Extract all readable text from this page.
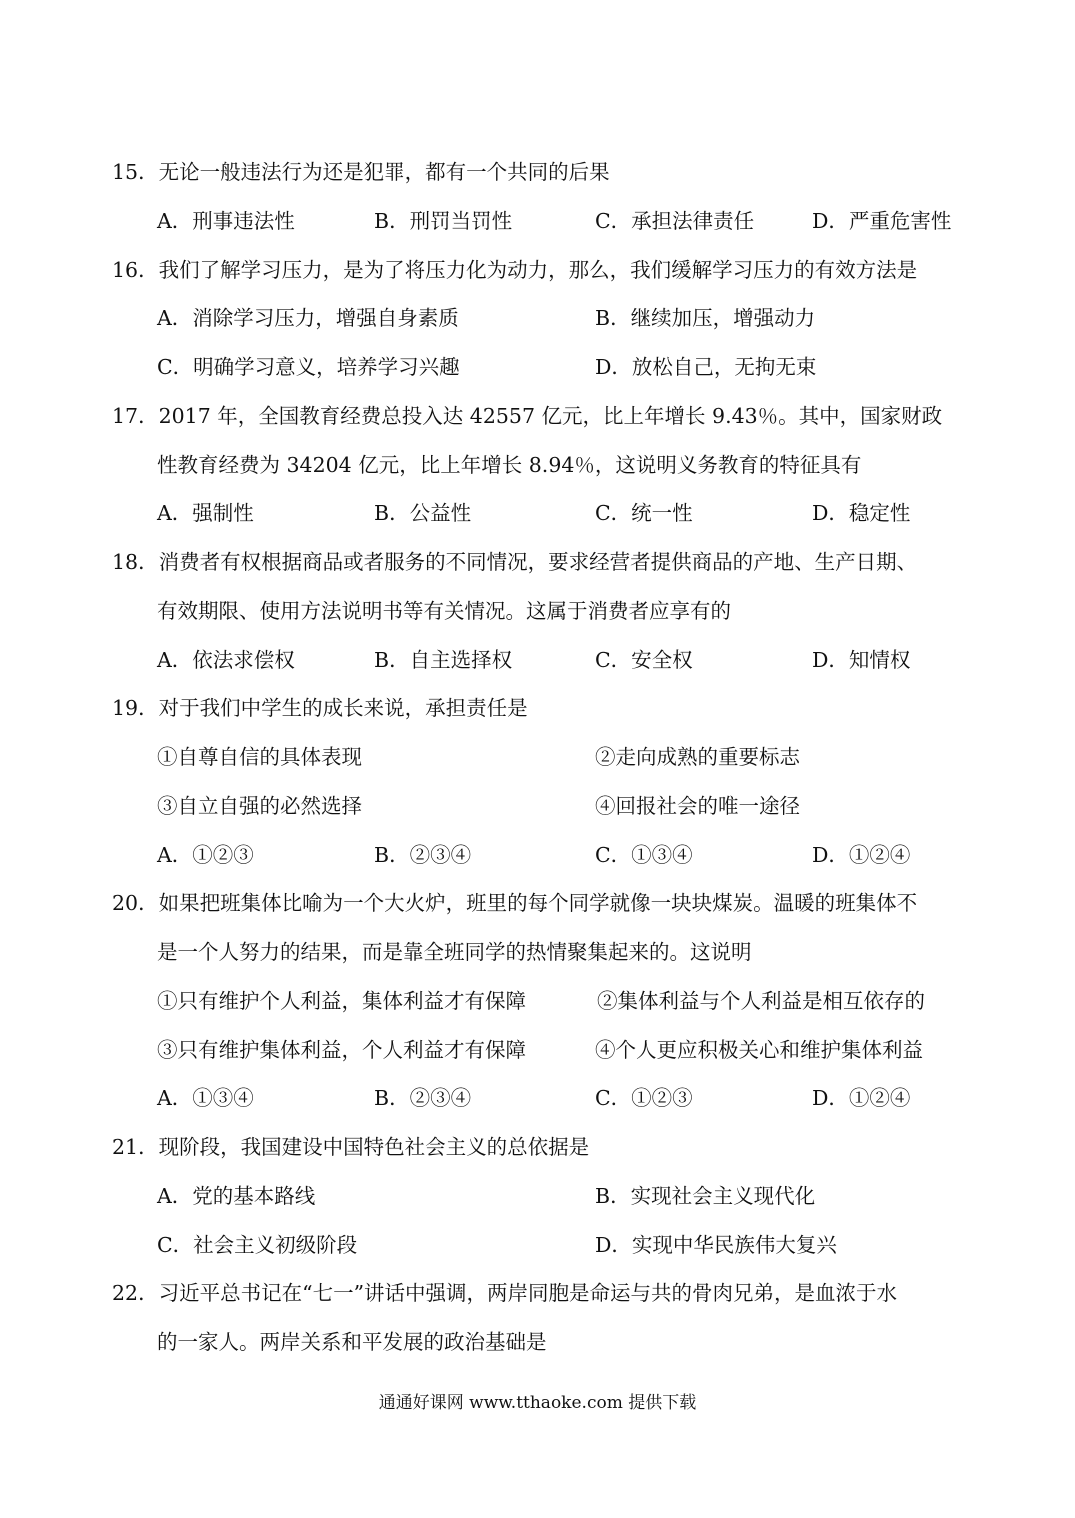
15．无论一般违法行为还是犯罪，都有一个共同的后果
A．刑事违法性	B．刑罚当罚性	C．承担法律责任	D．严重危害性
16．我们了解学习压力，是为了将压力化为动力，那么，我们缓解学习压力的有效方法是
A．消除学习压力，增强自身素质	B．继续加压，增强动力
C．明确学习意义，培养学习兴趣	D．放松自己，无拘无束
17．2017 年，全国教育经费总投入达 42557 亿元，比上年增长 9.43％。其中，国家财政
性教育经费为 34204 亿元，比上年增长 8.94％，这说明义务教育的特征具有
A．强制性	B．公益性	C．统一性	D．稳定性
18．消费者有权根据商品或者服务的不同情况，要求经营者提供商品的产地、生产日期、
有效期限、使用方法说明书等有关情况。这属于消费者应享有的
A．依法求偿权	B．自主选择权	C．安全权	D．知情权
19．对于我们中学生的成长来说，承担责任是
①自尊自信的具体表现	②走向成熟的重要标志
③自立自强的必然选择	④回报社会的唯一途径
A．①②③	B．②③④	C．①③④	D．①②④
20．如果把班集体比喻为一个大火炉，班里的每个同学就像一块块煤炭。温暖的班集体不
是一个人努力的结果，而是靠全班同学的热情聚集起来的。这说明
①只有维护个人利益，集体利益才有保障	②集体利益与个人利益是相互依存的
③只有维护集体利益，个人利益才有保障	④个人更应积极关心和维护集体利益
A．①③④	B．②③④	C．①②③	D．①②④
21．现阶段，我国建设中国特色社会主义的总依据是
A．党的基本路线	B．实现社会主义现代化
C．社会主义初级阶段	D．实现中华民族伟大复兴
22．习近平总书记在“七一”讲话中强调，两岸同胞是命运与共的骨肉兄弟，是血浓于水
的一家人。两岸关系和平发展的政治基础是
通通好课网 www.tthaoke.com 提供下载
